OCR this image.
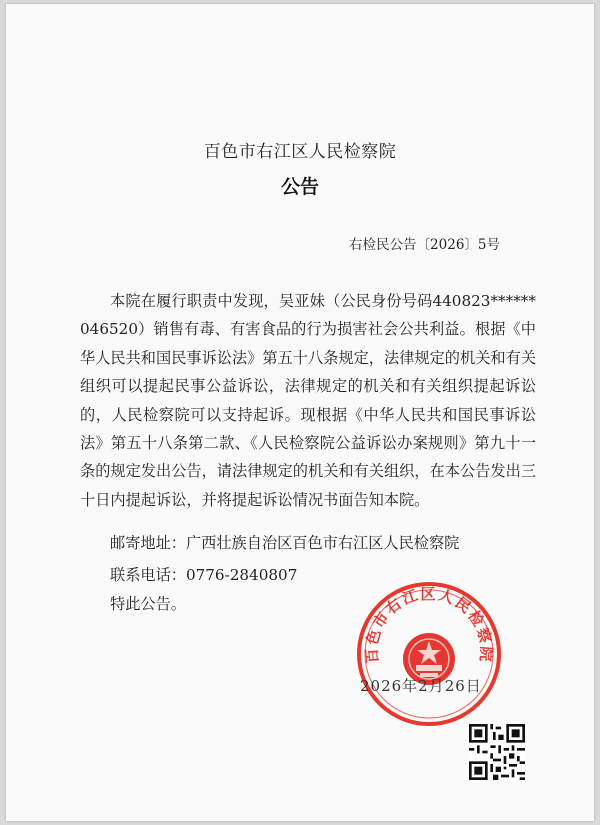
百色市右江区人民检察院
公告
右检民公告〔2026〕5号
本院在履行职责中发现，吴亚妹（公民身份号码440823******046520）销售有毒、有害食品的行为损害社会公共利益。根据《中华人民共和国民事诉讼法》第五十八条规定，法律规定的机关和有关组织可以提起民事公益诉讼，法律规定的机关和有关组织提起诉讼的，人民检察院可以支持起诉。现根据《中华人民共和国民事诉讼法》第五十八条第二款、《人民检察院公益诉讼办案规则》第九十一条的规定发出公告，请法律规定的机关和有关组织，在本公告发出三十日内提起诉讼，并将提起诉讼情况书面告知本院。
邮寄地址：广西壮族自治区百色市右江区人民检察院
联系电话：0776-2840807
特此公告。
百色市右江区人民检察院
2026年2月26日
